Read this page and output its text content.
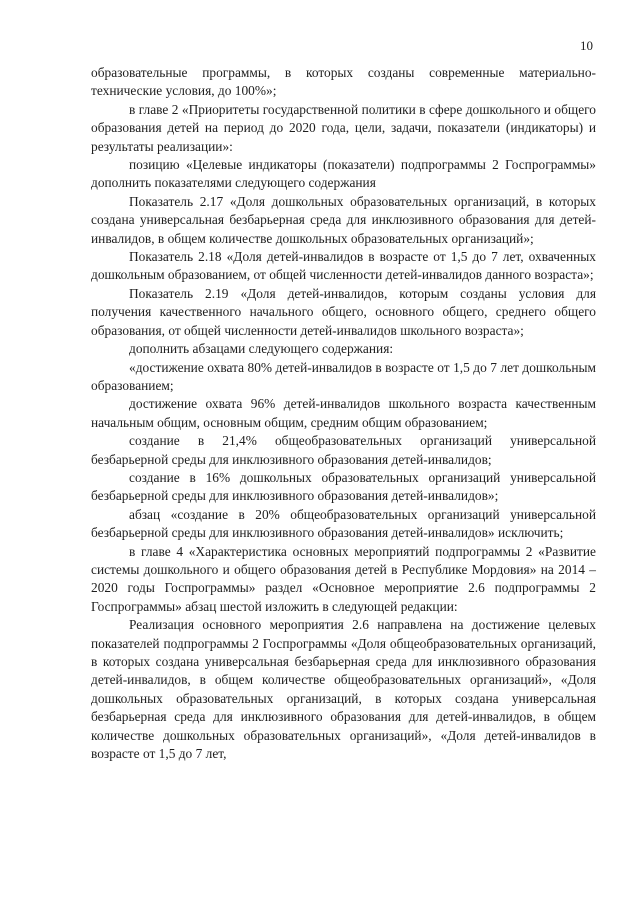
10

образовательные программы, в которых созданы современные материально-технические условия, до 100%»;

в главе 2 «Приоритеты государственной политики в сфере дошкольного и общего образования детей на период до 2020 года, цели, задачи, показатели (индикаторы) и результаты реализации»:

позицию «Целевые индикаторы (показатели) подпрограммы 2 Госпрограммы» дополнить показателями следующего содержания

Показатель 2.17 «Доля дошкольных образовательных организаций, в которых создана универсальная безбарьерная среда для инклюзивного образования для детей-инвалидов, в общем количестве дошкольных образовательных организаций»;

Показатель 2.18 «Доля детей-инвалидов в возрасте от 1,5 до 7 лет, охваченных дошкольным образованием, от общей численности детей-инвалидов данного возраста»;

Показатель 2.19 «Доля детей-инвалидов, которым созданы условия для получения качественного начального общего, основного общего, среднего общего образования, от общей численности детей-инвалидов школьного возраста»;

дополнить абзацами следующего содержания:

«достижение охвата 80% детей-инвалидов в возрасте от 1,5 до 7 лет дошкольным образованием;

достижение охвата 96% детей-инвалидов школьного возраста качественным начальным общим, основным общим, средним общим образованием;

создание в 21,4% общеобразовательных организаций универсальной безбарьерной среды для инклюзивного образования детей-инвалидов;

создание в 16% дошкольных образовательных организаций универсальной безбарьерной среды для инклюзивного образования детей-инвалидов»;

абзац «создание в 20% общеобразовательных организаций универсальной безбарьерной среды для инклюзивного образования детей-инвалидов» исключить;

в главе 4 «Характеристика основных мероприятий подпрограммы 2 «Развитие системы дошкольного и общего образования детей в Республике Мордовия» на 2014 – 2020 годы Госпрограммы» раздел «Основное мероприятие 2.6 подпрограммы 2 Госпрограммы» абзац шестой изложить в следующей редакции:

Реализация основного мероприятия 2.6 направлена на достижение целевых показателей подпрограммы 2 Госпрограммы «Доля общеобразовательных организаций, в которых создана универсальная безбарьерная среда для инклюзивного образования детей-инвалидов, в общем количестве общеобразовательных организаций», «Доля дошкольных образовательных организаций, в которых создана универсальная безбарьерная среда для инклюзивного образования для детей-инвалидов, в общем количестве дошкольных образовательных организаций», «Доля детей-инвалидов в возрасте от 1,5 до 7 лет,
